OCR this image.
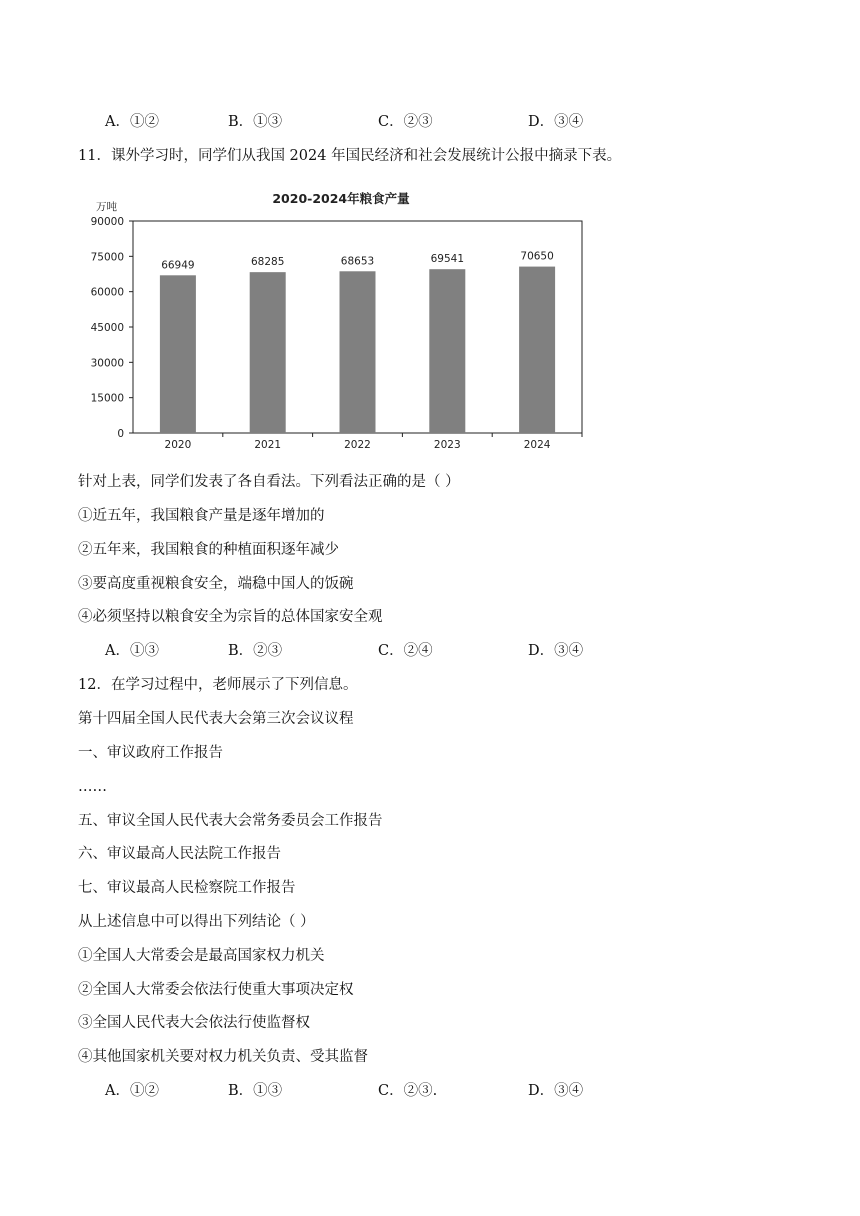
A．①②	B．①③	C．②③	D．③④
11．课外学习时，同学们从我国 2024 年国民经济和社会发展统计公报中摘录下表。
2020-2024年粮食产量
万吨
0
15000
30000
45000
60000
75000
90000
66949
2020
68285
2021
68653
2022
69541
2023
70650
2024
针对上表，同学们发表了各自看法。下列看法正确的是（ ）
①近五年，我国粮食产量是逐年增加的
②五年来，我国粮食的种植面积逐年减少
③要高度重视粮食安全，端稳中国人的饭碗
④必须坚持以粮食安全为宗旨的总体国家安全观
A．①③	B．②③	C．②④	D．③④
12．在学习过程中，老师展示了下列信息。
第十四届全国人民代表大会第三次会议议程
一、审议政府工作报告
……
五、审议全国人民代表大会常务委员会工作报告
六、审议最高人民法院工作报告
七、审议最高人民检察院工作报告
从上述信息中可以得出下列结论（ ）
①全国人大常委会是最高国家权力机关
②全国人大常委会依法行使重大事项决定权
③全国人民代表大会依法行使监督权
④其他国家机关要对权力机关负责、受其监督
A．①②	B．①③	C．②③.	D．③④
